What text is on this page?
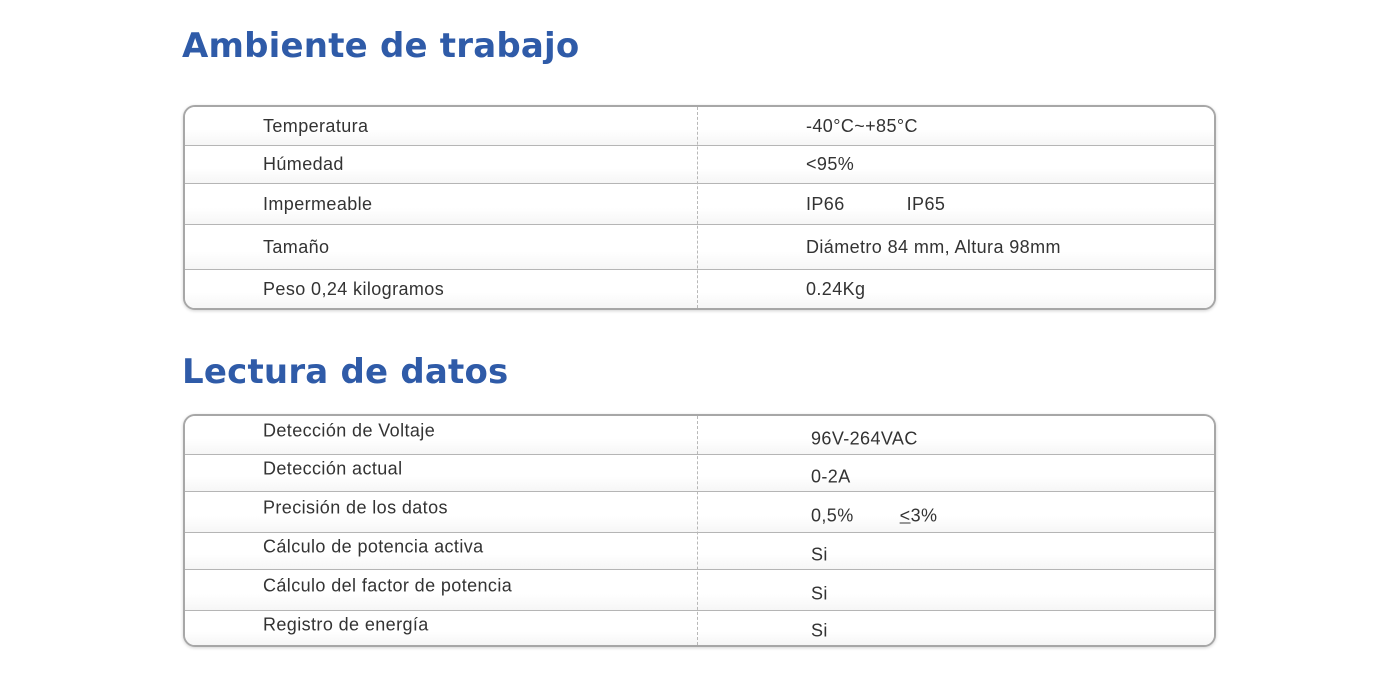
Ambiente de trabajo
Temperatura	-40°C~+85°C
Húmedad	<95%
Impermeable	IP66	IP65
Tamaño	Diámetro 84 mm, Altura 98mm
Peso 0,24 kilogramos	0.24Kg
Lectura de datos
Detección de Voltaje	96V-264VAC
Detección actual	0-2A
Precisión de los datos	0,5%	≤3%
Cálculo de potencia activa	Si
Cálculo del factor de potencia	Si
Registro de energía	Si
